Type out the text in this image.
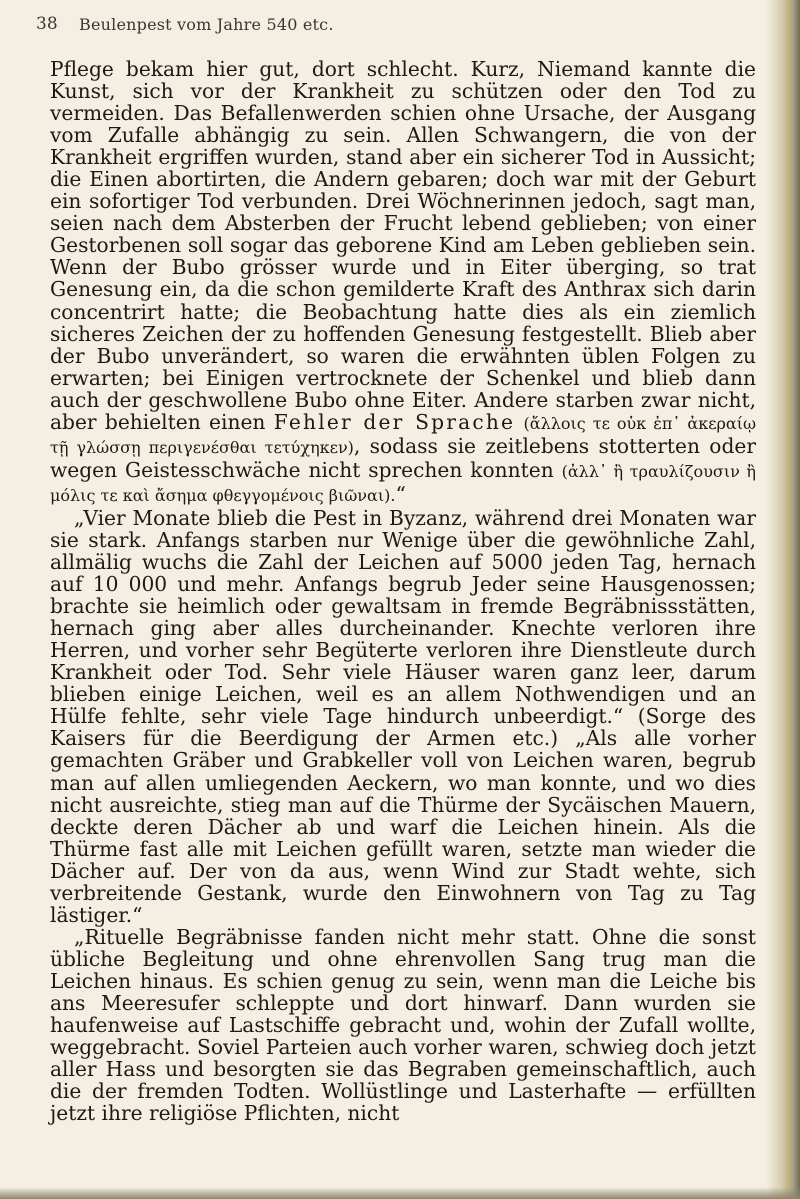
38 Beulenpest vom Jahre 540 etc.

Pflege bekam hier gut, dort schlecht. Kurz, Niemand kannte die Kunst, sich vor der Krankheit zu schützen oder den Tod zu vermeiden. Das Befallenwerden schien ohne Ursache, der Ausgang vom Zufalle abhängig zu sein. Allen Schwangern, die von der Krankheit ergriffen wurden, stand aber ein sicherer Tod in Aussicht; die Einen abortirten, die Andern gebaren; doch war mit der Geburt ein sofortiger Tod verbunden. Drei Wöchnerinnen jedoch, sagt man, seien nach dem Absterben der Frucht lebend geblieben; von einer Gestorbenen soll sogar das geborene Kind am Leben geblieben sein. Wenn der Bubo grösser wurde und in Eiter überging, so trat Genesung ein, da die schon gemilderte Kraft des Anthrax sich darin concentrirt hatte; die Beobachtung hatte dies als ein ziemlich sicheres Zeichen der zu hoffenden Genesung festgestellt. Blieb aber der Bubo unverändert, so waren die erwähnten üblen Folgen zu erwarten; bei Einigen vertrocknete der Schenkel und blieb dann auch der geschwollene Bubo ohne Eiter. Andere starben zwar nicht, aber behielten einen Fehler der Sprache (ἄλλοις τε οὐκ ἐπ᾽ ἀκεραίῳ τῇ γλώσσῃ περιγενέσθαι τετύχηκεν), sodass sie zeitlebens stotterten oder wegen Geistesschwäche nicht sprechen konnten (ἀλλ᾽ ἢ τραυλίζουσιν ἢ μόλις τε καὶ ἄσημα φθεγγομένοις βιῶναι).“

„Vier Monate blieb die Pest in Byzanz, während drei Monaten war sie stark. Anfangs starben nur Wenige über die gewöhnliche Zahl, allmälig wuchs die Zahl der Leichen auf 5000 jeden Tag, hernach auf 10 000 und mehr. Anfangs begrub Jeder seine Hausgenossen; brachte sie heimlich oder gewaltsam in fremde Begräbnissstätten, hernach ging aber alles durcheinander. Knechte verloren ihre Herren, und vorher sehr Begüterte verloren ihre Dienstleute durch Krankheit oder Tod. Sehr viele Häuser waren ganz leer, darum blieben einige Leichen, weil es an allem Nothwendigen und an Hülfe fehlte, sehr viele Tage hindurch unbeerdigt.“ (Sorge des Kaisers für die Beerdigung der Armen etc.) „Als alle vorher gemachten Gräber und Grabkeller voll von Leichen waren, begrub man auf allen umliegenden Aeckern, wo man konnte, und wo dies nicht ausreichte, stieg man auf die Thürme der Sycäischen Mauern, deckte deren Dächer ab und warf die Leichen hinein. Als die Thürme fast alle mit Leichen gefüllt waren, setzte man wieder die Dächer auf. Der von da aus, wenn Wind zur Stadt wehte, sich verbreitende Gestank, wurde den Einwohnern von Tag zu Tag lästiger.“

„Rituelle Begräbnisse fanden nicht mehr statt. Ohne die sonst übliche Begleitung und ohne ehrenvollen Sang trug man die Leichen hinaus. Es schien genug zu sein, wenn man die Leiche bis ans Meeresufer schleppte und dort hinwarf. Dann wurden sie haufenweise auf Lastschiffe gebracht und, wohin der Zufall wollte, weggebracht. Soviel Parteien auch vorher waren, schwieg doch jetzt aller Hass und besorgten sie das Begraben gemeinschaftlich, auch die der fremden Todten. Wollüstlinge und Lasterhafte — erfüllten jetzt ihre religiöse Pflichten, nicht
